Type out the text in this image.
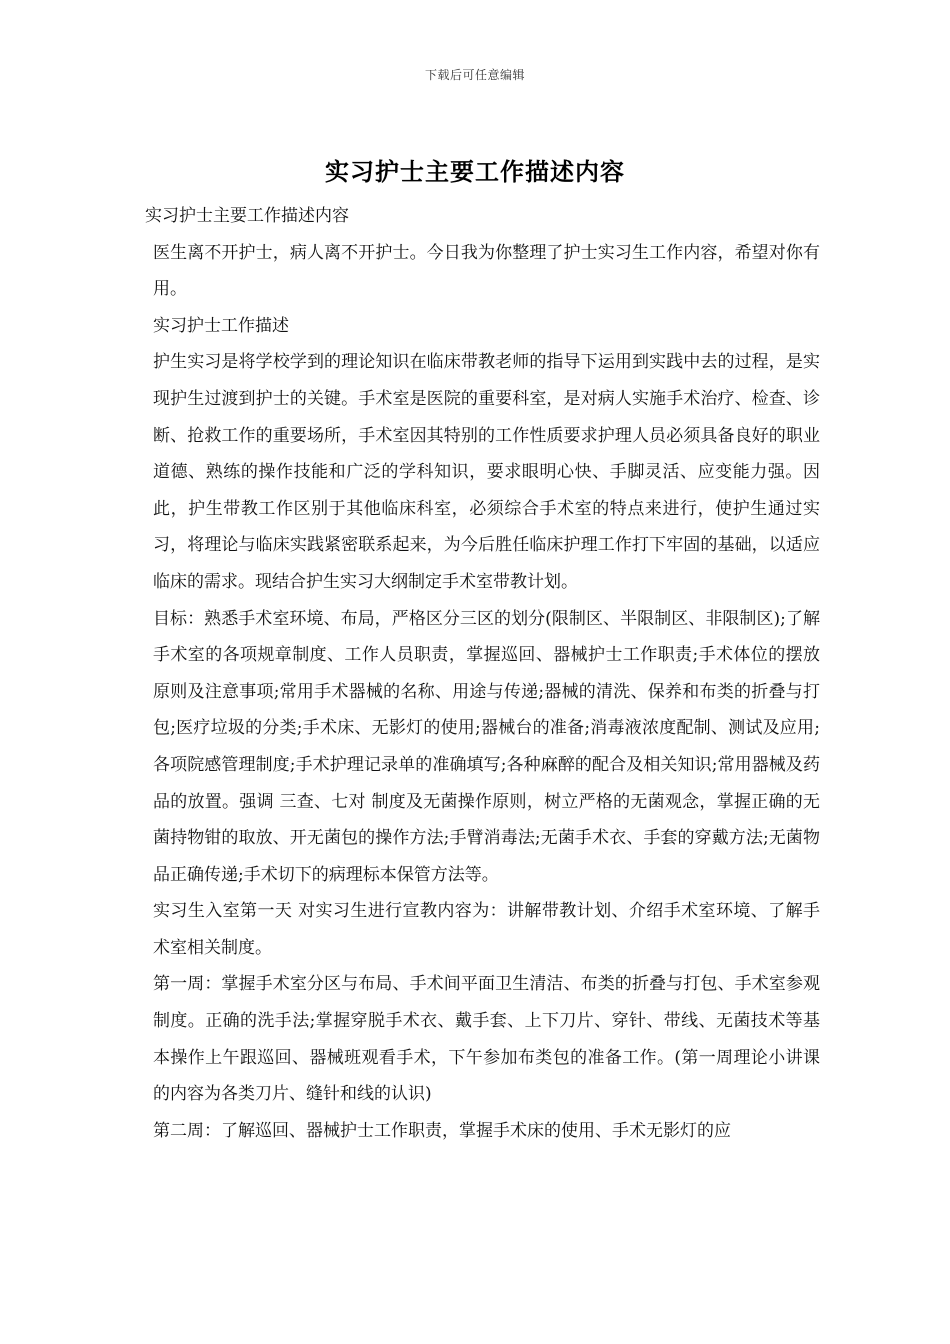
下载后可任意编辑
实习护士主要工作描述内容

实习护士主要工作描述内容

医生离不开护士，病人离不开护士。今日我为你整理了护士实习生工作内容，希望对你有用。

实习护士工作描述

护生实习是将学校学到的理论知识在临床带教老师的指导下运用到实践中去的过程，是实现护生过渡到护士的关键。手术室是医院的重要科室，是对病人实施手术治疗、检查、诊断、抢救工作的重要场所，手术室因其特别的工作性质要求护理人员必须具备良好的职业道德、熟练的操作技能和广泛的学科知识，要求眼明心快、手脚灵活、应变能力强。因此，护生带教工作区别于其他临床科室，必须综合手术室的特点来进行，使护生通过实习，将理论与临床实践紧密联系起来，为今后胜任临床护理工作打下牢固的基础，以适应临床的需求。现结合护生实习大纲制定手术室带教计划。

目标：熟悉手术室环境、布局，严格区分三区的划分(限制区、半限制区、非限制区);了解手术室的各项规章制度、工作人员职责，掌握巡回、器械护士工作职责;手术体位的摆放原则及注意事项;常用手术器械的名称、用途与传递;器械的清洗、保养和布类的折叠与打包;医疗垃圾的分类;手术床、无影灯的使用;器械台的准备;消毒液浓度配制、测试及应用;各项院感管理制度;手术护理记录单的准确填写;各种麻醉的配合及相关知识;常用器械及药品的放置。强调 三查、七对 制度及无菌操作原则，树立严格的无菌观念，掌握正确的无菌持物钳的取放、开无菌包的操作方法;手臂消毒法;无菌手术衣、手套的穿戴方法;无菌物品正确传递;手术切下的病理标本保管方法等。

实习生入室第一天 对实习生进行宣教内容为：讲解带教计划、介绍手术室环境、了解手术室相关制度。

第一周：掌握手术室分区与布局、手术间平面卫生清洁、布类的折叠与打包、手术室参观制度。正确的洗手法;掌握穿脱手术衣、戴手套、上下刀片、穿针、带线、无菌技术等基本操作上午跟巡回、器械班观看手术，下午参加布类包的准备工作。(第一周理论小讲课的内容为各类刀片、缝针和线的认识)

第二周：了解巡回、器械护士工作职责，掌握手术床的使用、手术无影灯的应
